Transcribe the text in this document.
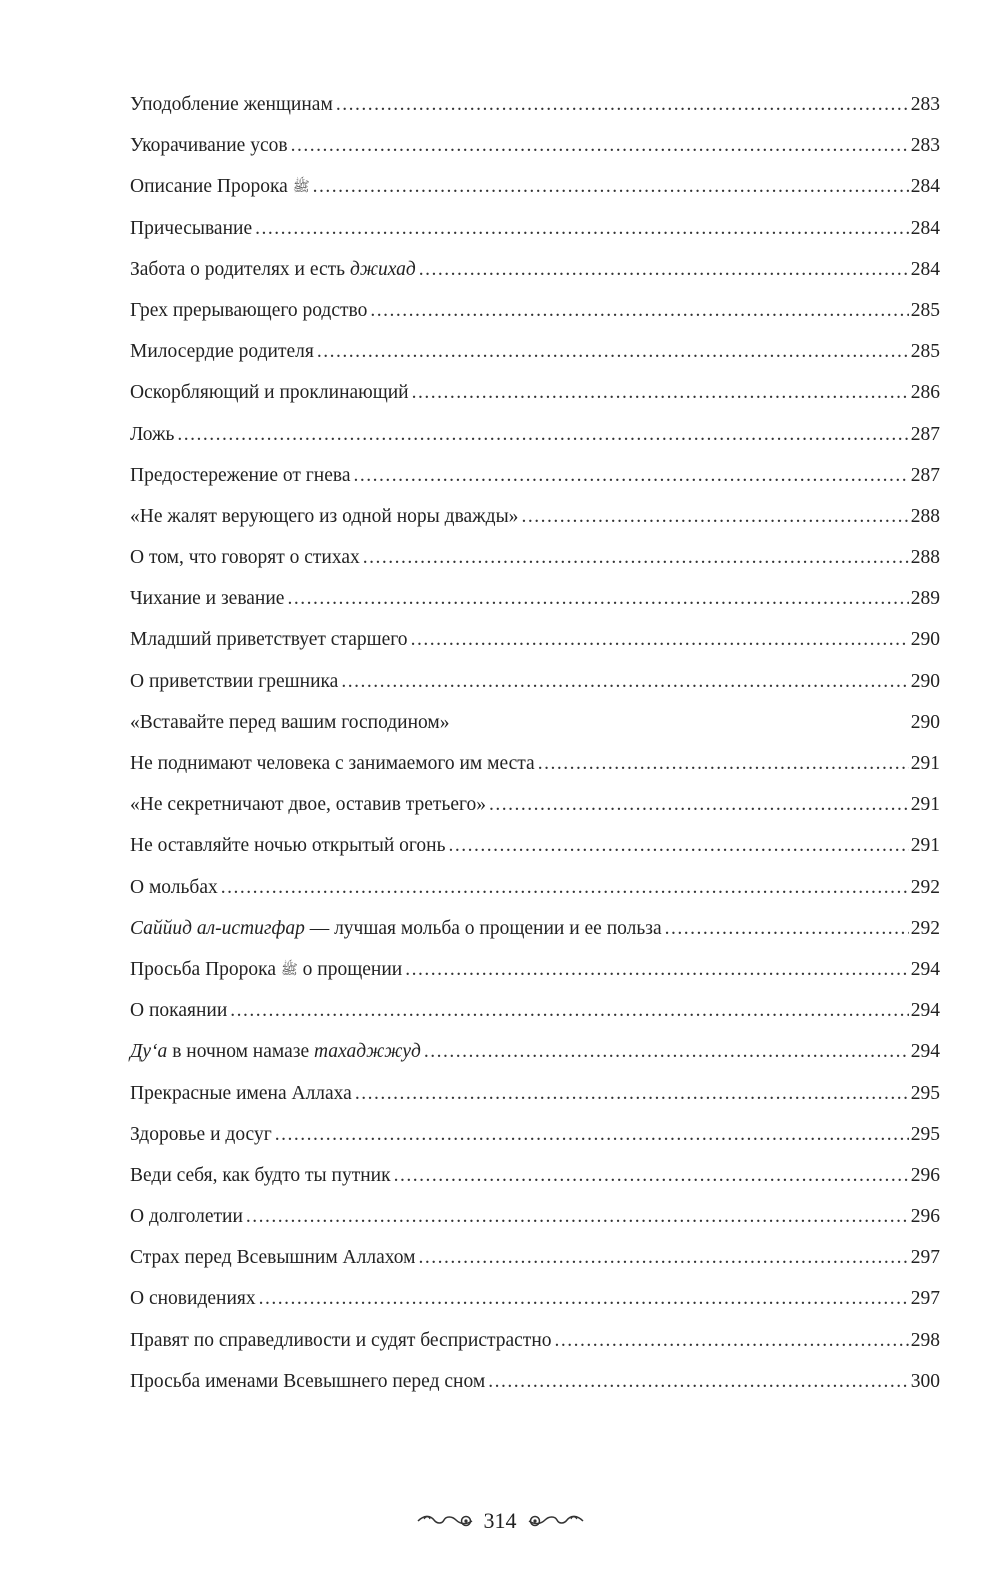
Уподобление женщинам .....	283
Укорачивание усов .....	283
Описание Пророка ﷺ .....	284
Причесывание .....	284
Забота о родителях и есть джихад .....	284
Грех прерывающего родство .....	285
Милосердие родителя .....	285
Оскорбляющий и проклинающий .....	286
Ложь .....	287
Предостережение от гнева .....	287
«Не жалят верующего из одной норы дважды» .....	288
О том, что говорят о стихах .....	288
Чихание и зевание .....	289
Младший приветствует старшего .....	290
О приветствии грешника .....	290
«Вставайте перед вашим господином»	290
Не поднимают человека с занимаемого им места .....	291
«Не секретничают двое, оставив третьего» .....	291
Не оставляйте ночью открытый огонь .....	291
О мольбах .....	292
Саййид ал-истигфар — лучшая мольба о прощении и ее польза .....	292
Просьба Пророка ﷺ о прощении .....	294
О покаянии .....	294
Ду‘а в ночном намазе тахаджжуд .....	294
Прекрасные имена Аллаха .....	295
Здоровье и досуг .....	295
Веди себя, как будто ты путник .....	296
О долголетии .....	296
Страх перед Всевышним Аллахом .....	297
О сновидениях .....	297
Правят по справедливости и судят беспристрастно .....	298
Просьба именами Всевышнего перед сном .....	300
314
